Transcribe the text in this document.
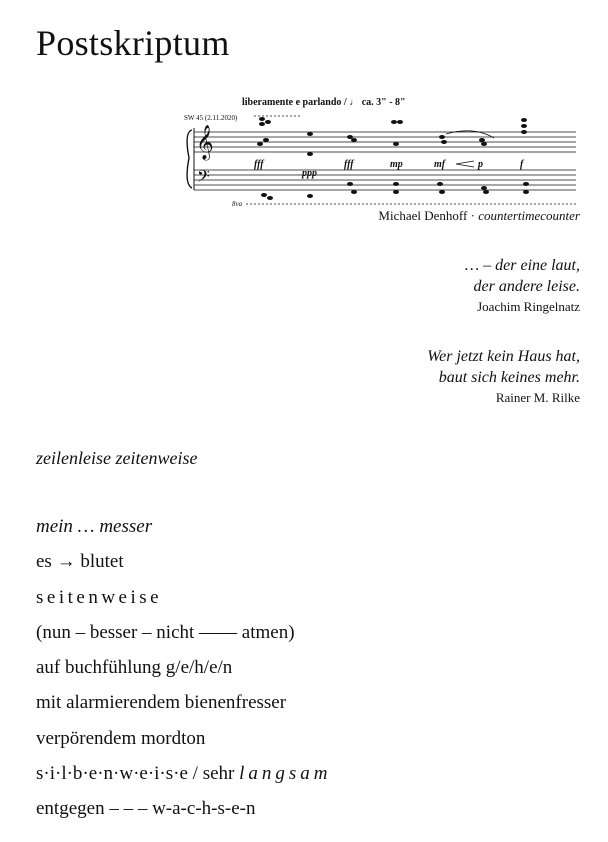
Postskriptum
liberamente e parlando / ♩ ca. 3" - 8"
SW 45 (2.11.2020)
𝄞
𝄢
fff
ppp
fff	mp	mf	p	f
8va
Michael Denhoff · countertimecounter
… – der eine laut,
der andere leise.
Joachim Ringelnatz
Wer jetzt kein Haus hat,
baut sich keines mehr.
Rainer M. Rilke
zeilenleise zeitenweise
mein … messer
es → blutet
seitenweise
(nun – besser – nicht —— atmen)
auf buchfühlung g/e/h/e/n
mit alarmierendem bienenfresser
verpörendem mordton
s·i·l·b·e·n·w·e·i·s·e / sehr langsam
entgegen – – – w-a-c-h-s-e-n
